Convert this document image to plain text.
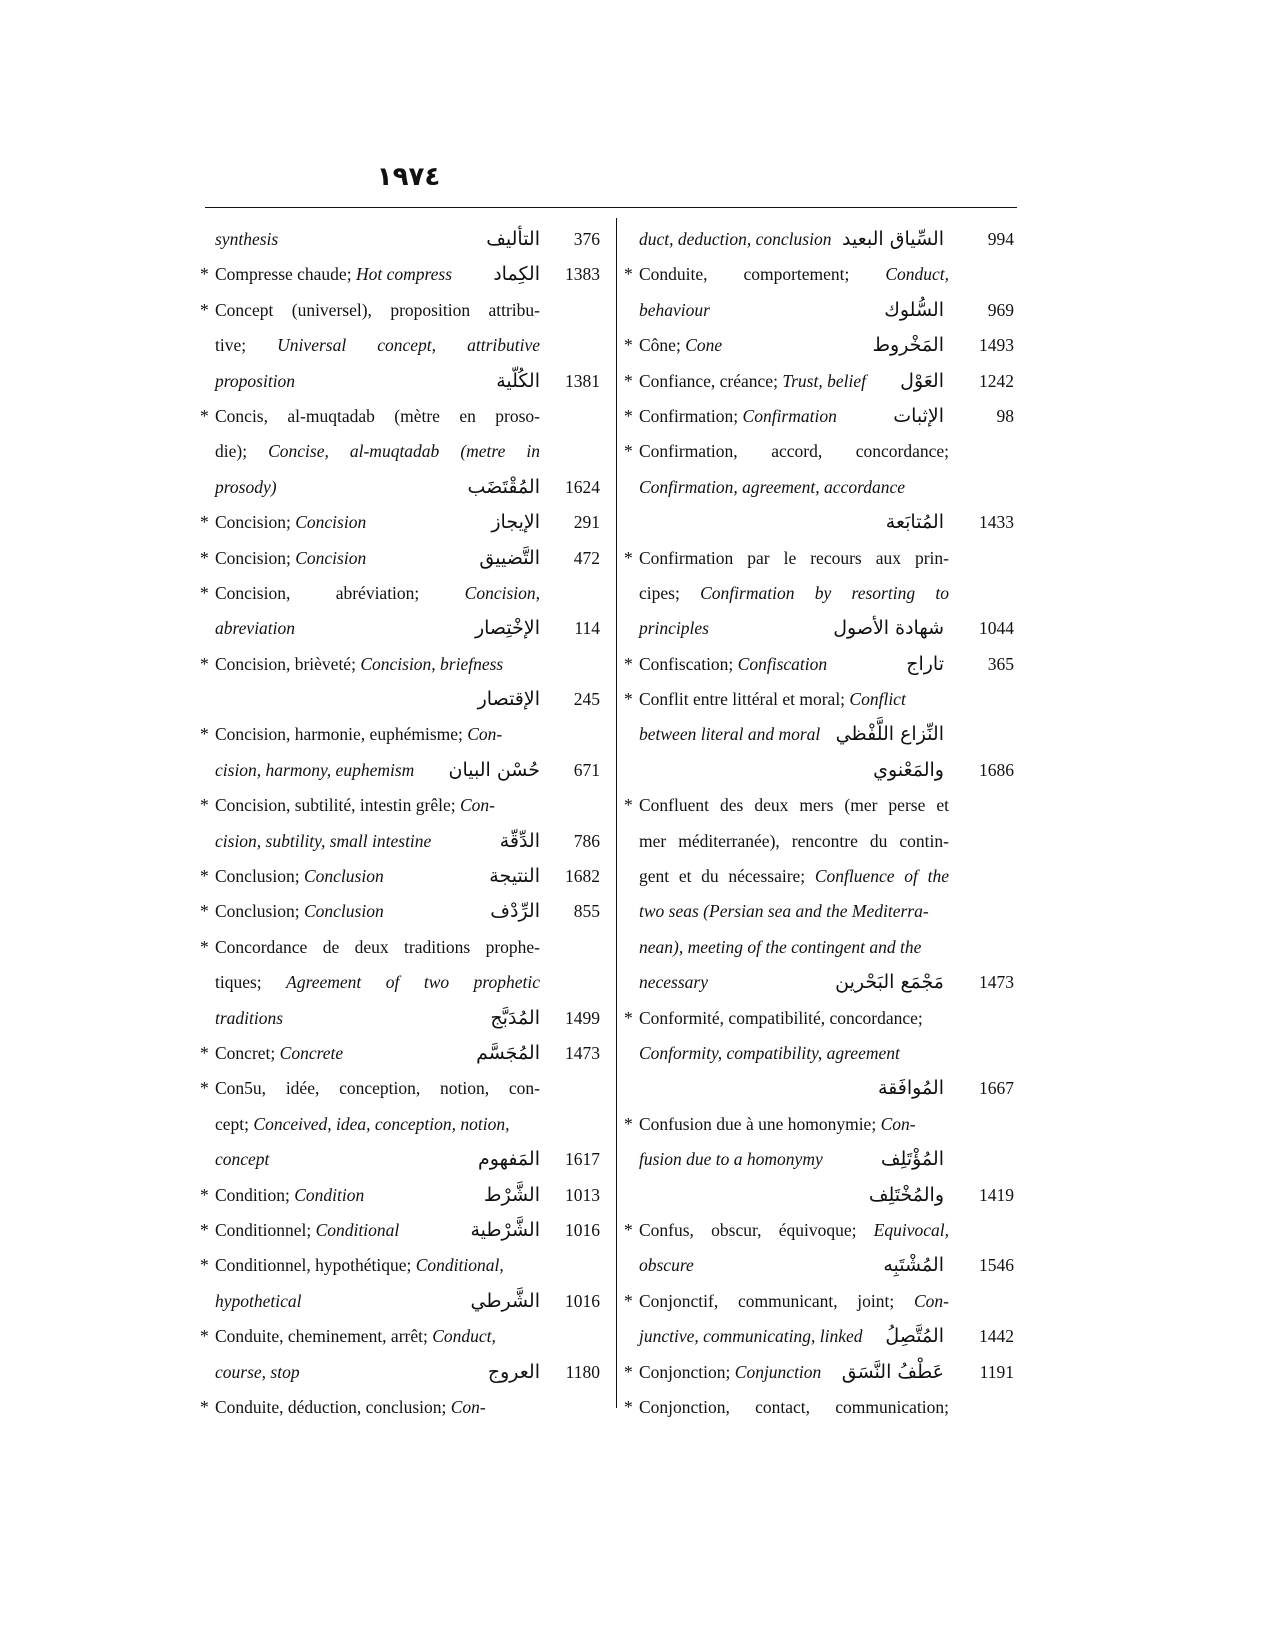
١٩٧٤
synthesis	التأليف 376
* Compresse chaude; Hot compress الكِماد 1383
* Concept (universel), proposition attribu-
tive; Universal concept, attributive
proposition	الكُلّية 1381
* Concis, al-muqtadab (mètre en proso-
die); Concise, al-muqtadab (metre in
prosody)	المُقْتَضَب 1624
* Concision; Concision	الإيجاز 291
* Concision; Concision	التَّضييق 472
* Concision, abréviation; Concision,
abreviation	الإخْتِصار 114
* Concision, brièveté; Concision, briefness
الإقتصار 245
* Concision, harmonie, euphémisme; Con-
cision, harmony, euphemism حُسْن البيان 671
* Concision, subtilité, intestin grêle; Con-
cision, subtility, small intestine	الدِّقّة 786
* Conclusion; Conclusion	النتيجة 1682
* Conclusion; Conclusion	الرِّدْف 855
* Concordance de deux traditions prophe-
tiques; Agreement of two prophetic
traditions	المُدَبَّج 1499
* Concret; Concrete	المُجَسَّم 1473
* Con5u, idée, conception, notion, con-
cept; Conceived, idea, conception, notion,
concept	المَفهوم 1617
* Condition; Condition	الشَّرْط 1013
* Conditionnel; Conditional	الشَّرْطية 1016
* Conditionnel, hypothétique; Conditional,
hypothetical	الشَّرطي 1016
* Conduite, cheminement, arrêt; Conduct,
course, stop	العروج 1180
* Conduite, déduction, conclusion; Con-
duct, deduction, conclusion السِّياق البعيد	994
* Conduite, comportement; Conduct,
behaviour	السُّلوك	969
* Cône; Cone	المَخْروط 1493
* Confiance, créance; Trust, belief العَوْل 1242
* Confirmation; Confirmation	الإثبات	98
* Confirmation, accord, concordance;
Confirmation, agreement, accordance
المُتابَعة 1433
* Confirmation par le recours aux prin-
cipes; Confirmation by resorting to
principles	شهادة الأصول 1044
* Confiscation; Confiscation	تاراج	365
* Conflit entre littéral et moral; Conflict
between literal and moral النِّزاع اللَّفْظي
والمَعْنوي 1686
* Confluent des deux mers (mer perse et
mer méditerranée), rencontre du contin-
gent et du nécessaire; Confluence of the
two seas (Persian sea and the Mediterra-
nean), meeting of the contingent and the
necessary	مَجْمَع البَحْرين 1473
* Conformité, compatibilité, concordance;
Conformity, compatibility, agreement
المُوافَقة 1667
* Confusion due à une homonymie; Con-
fusion due to a homonymy	المُؤْتَلِف
والمُخْتَلِف 1419
* Confus, obscur, équivoque; Equivocal,
obscure	المُشْتَبِه 1546
* Conjonctif, communicant, joint; Con-
junctive, communicating, linked المُتَّصِلُ 1442
* Conjonction; Conjunction عَطْفُ النَّسَق 1191
* Conjonction, contact, communication;
